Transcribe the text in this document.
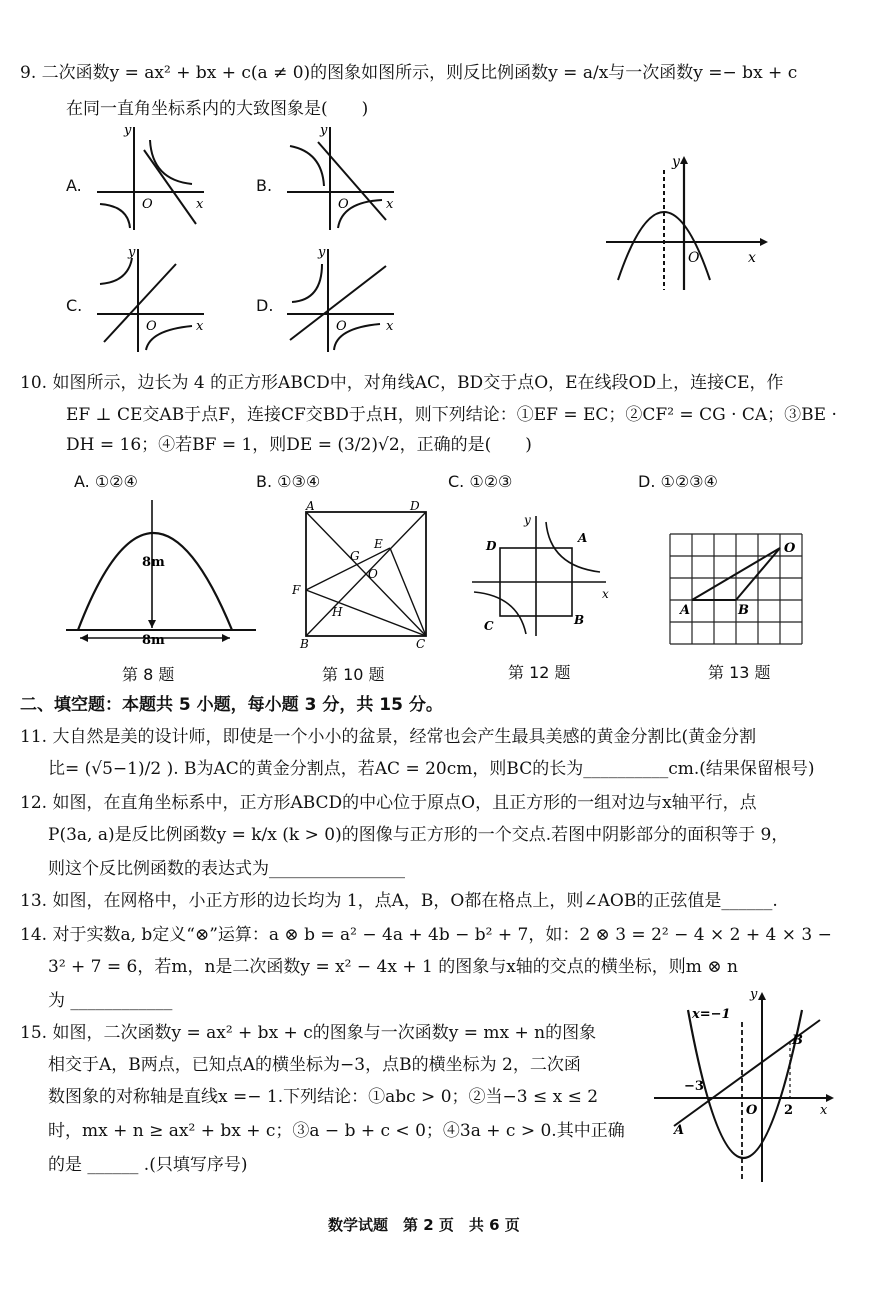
9. 二次函数y = ax² + bx + c(a ≠ 0)的图象如图所示，则反比例函数y = a/x与一次函数y =− bx + c
在同一直角坐标系内的大致图象是(　　)
A.
y
x
O
B.
y
x
O
C.
y
x
O
D.
y
x
O
y
x
O
10. 如图所示，边长为 4 的正方形ABCD中，对角线AC，BD交于点O，E在线段OD上，连接CE，作
EF ⊥ CE交AB于点F，连接CF交BD于点H，则下列结论：①EF = EC；②CF² = CG · CA；③BE ·
DH = 16；④若BF = 1，则DE = (3/2)√2，正确的是(　　)
A. ①②④	B. ①③④	C. ①②③	D. ①②③④
8m
8m
第 8 题
A	D
B	C
F
H
G
E
O
第 10 题
D
A
C	B
y
x
第 12 题
O
A	B
第 13 题
二、填空题：本题共 5 小题，每小题 3 分，共 15 分。
11. 大自然是美的设计师，即使是一个小小的盆景，经常也会产生最具美感的黄金分割比(黄金分割
比= (√5−1)/2 ). B为AC的黄金分割点，若AC = 20cm，则BC的长为__________cm.(结果保留根号)
12. 如图，在直角坐标系中，正方形ABCD的中心位于原点O，且正方形的一组对边与x轴平行，点
P(3a, a)是反比例函数y = k/x (k > 0)的图像与正方形的一个交点.若图中阴影部分的面积等于 9，
则这个反比例函数的表达式为________________
13. 如图，在网格中，小正方形的边长均为 1，点A，B，O都在格点上，则∠AOB的正弦值是______.
14. 对于实数a, b定义“⊗”运算：a ⊗ b = a² − 4a + 4b − b² + 7，如：2 ⊗ 3 = 2² − 4 × 2 + 4 × 3 −
3² + 7 = 6，若m，n是二次函数y = x² − 4x + 1 的图象与x轴的交点的横坐标，则m ⊗ n
为 ____________
15. 如图，二次函数y = ax² + bx + c的图象与一次函数y = mx + n的图象
相交于A，B两点，已知点A的横坐标为−3，点B的横坐标为 2，二次函
数图象的对称轴是直线x =− 1.下列结论：①abc > 0；②当−3 ≤ x ≤ 2
时，mx + n ≥ ax² + bx + c；③a − b + c < 0；④3a + c > 0.其中正确
的是 ______ .(只填写序号)
x=−1
−3
2
O
A
B
x
y
数学试题　第 2 页　共 6 页
